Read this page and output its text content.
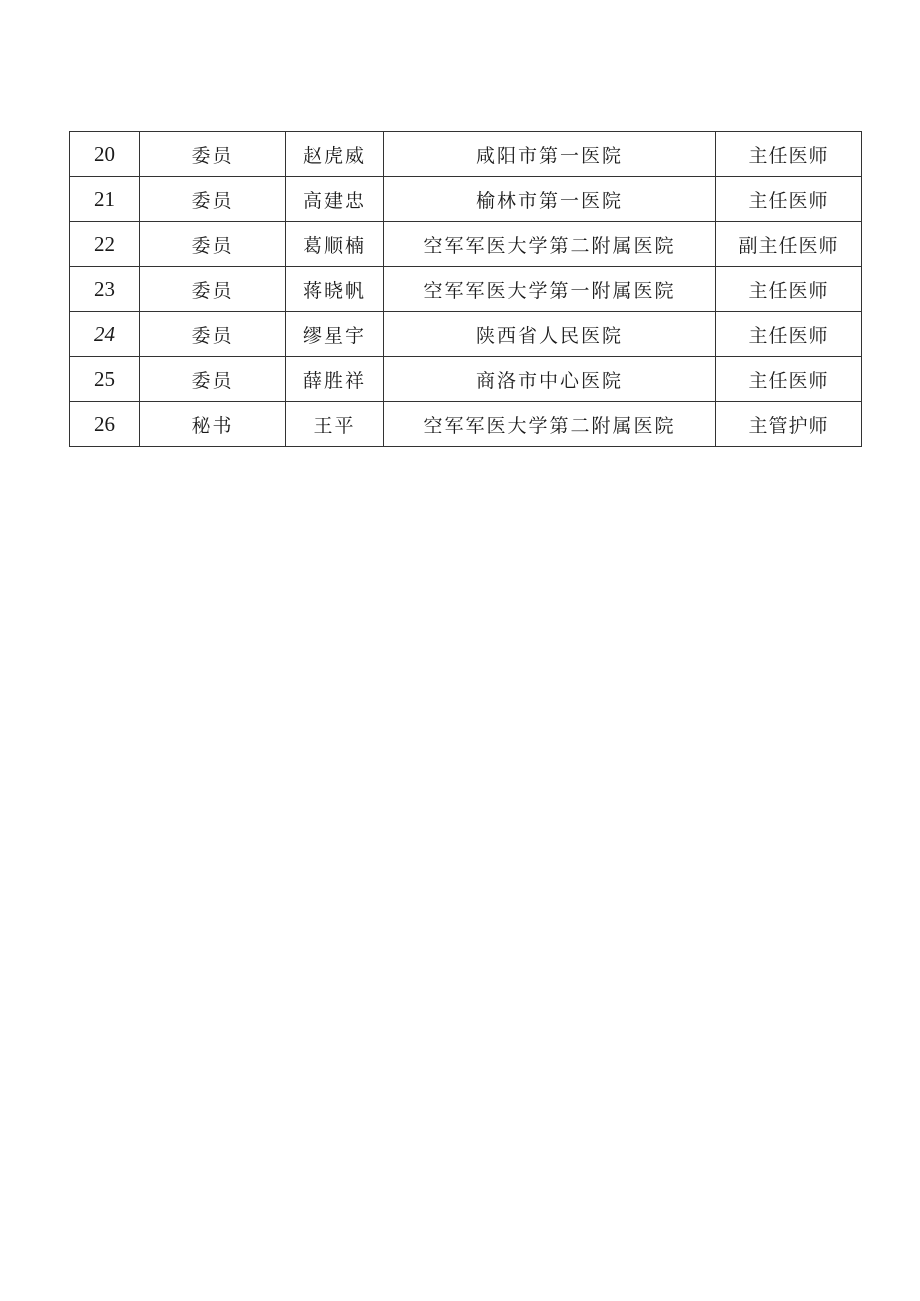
20	委员	赵虎威	咸阳市第一医院	主任医师
21	委员	高建忠	榆林市第一医院	主任医师
22	委员	葛顺楠	空军军医大学第二附属医院	副主任医师
23	委员	蒋晓帆	空军军医大学第一附属医院	主任医师
24	委员	缪星宇	陕西省人民医院	主任医师
25	委员	薛胜祥	商洛市中心医院	主任医师
26	秘书	王平	空军军医大学第二附属医院	主管护师
